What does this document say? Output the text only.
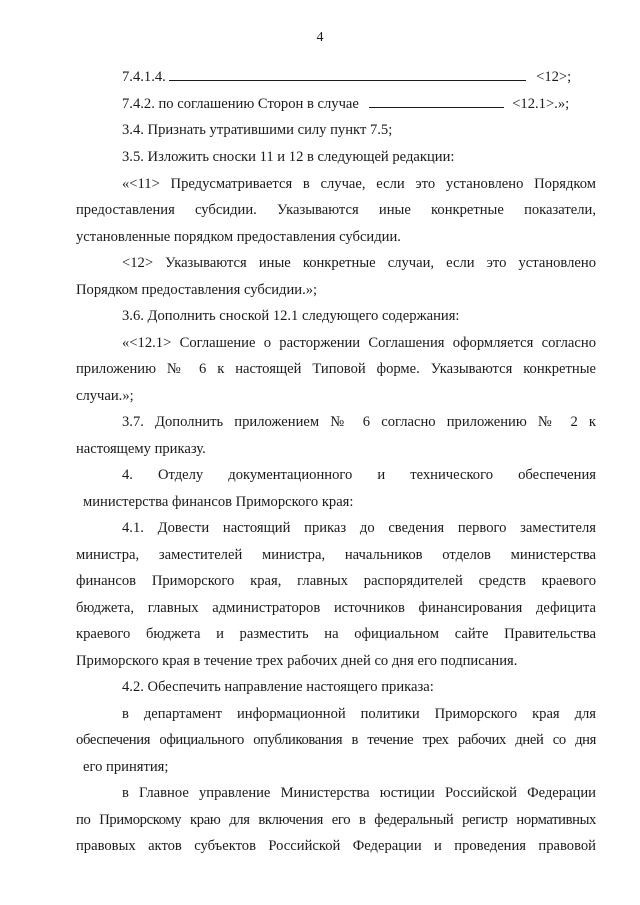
4
7.4.1.4.	<12>;
7.4.2. по соглашению Сторон в случае	<12.1>.»;
3.4. Признать утратившими силу пункт 7.5;
3.5. Изложить сноски 11 и 12 в следующей редакции:
«<11> Предусматривается в случае, если это установлено Порядком
предоставления субсидии. Указываются иные конкретные показатели,
установленные порядком предоставления субсидии.
<12> Указываются иные конкретные случаи, если это установлено
Порядком предоставления субсидии.»;
3.6. Дополнить сноской 12.1 следующего содержания:
«<12.1> Соглашение о расторжении Соглашения оформляется согласно
приложению № 6 к настоящей Типовой форме. Указываются конкретные
случаи.»;
3.7. Дополнить приложением № 6 согласно приложению № 2 к
настоящему приказу.
4. Отделу документационного и технического обеспечения
министерства финансов Приморского края:
4.1. Довести настоящий приказ до сведения первого заместителя
министра, заместителей министра, начальников отделов министерства
финансов Приморского края, главных распорядителей средств краевого
бюджета, главных администраторов источников финансирования дефицита
краевого бюджета и разместить на официальном сайте Правительства
Приморского края в течение трех рабочих дней со дня его подписания.
4.2. Обеспечить направление настоящего приказа:
в департамент информационной политики Приморского края для
обеспечения официального опубликования в течение трех рабочих дней со дня
его принятия;
в Главное управление Министерства юстиции Российской Федерации
по Приморскому краю для включения его в федеральный регистр нормативных
правовых актов субъектов Российской Федерации и проведения правовой
